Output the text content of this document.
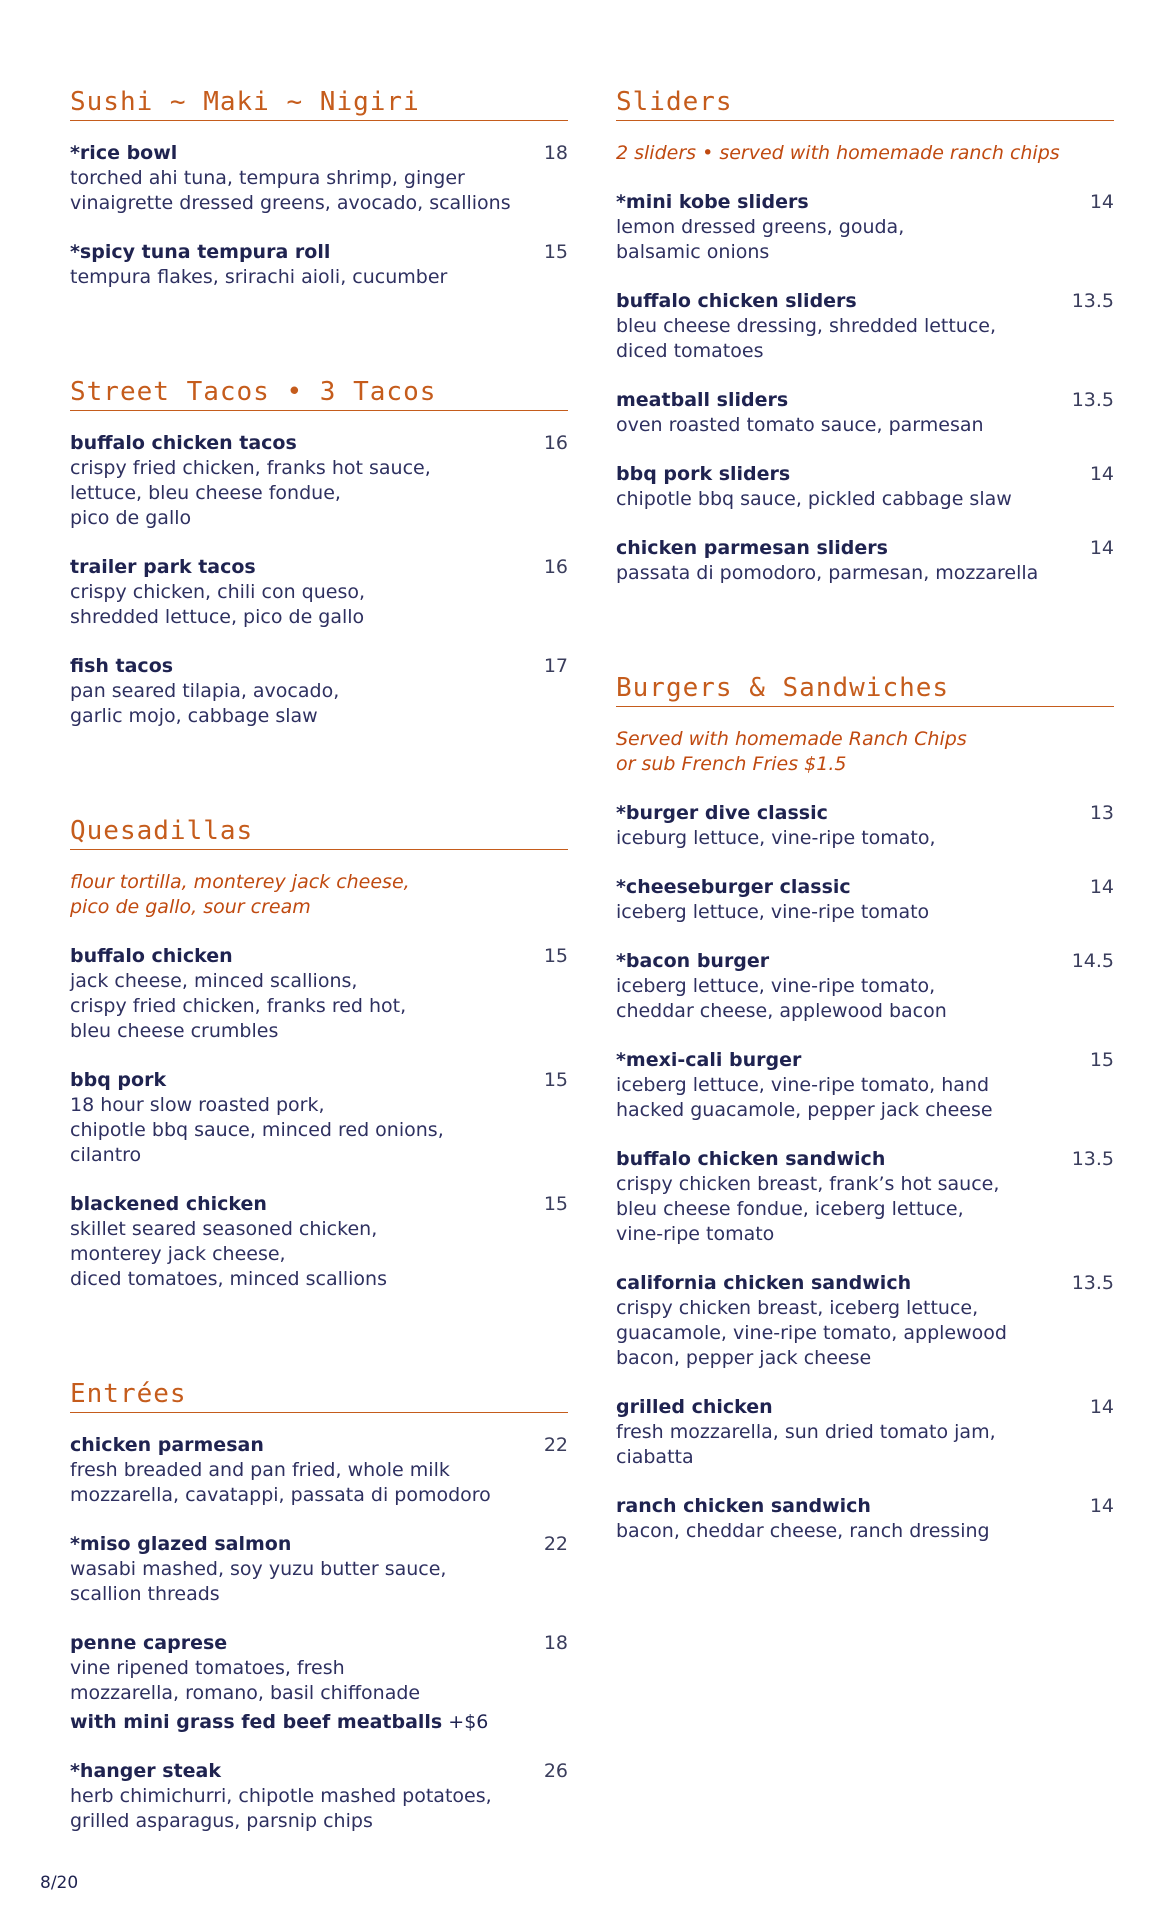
Sushi ~ Maki ~ Nigiri
*rice bowl	18
torched ahi tuna, tempura shrimp, ginger
vinaigrette dressed greens, avocado, scallions
*spicy tuna tempura roll	15
tempura flakes, srirachi aioli, cucumber
Street Tacos • 3 Tacos
buffalo chicken tacos	16
crispy fried chicken, franks hot sauce,
lettuce, bleu cheese fondue,
pico de gallo
trailer park tacos	16
crispy chicken, chili con queso,
shredded lettuce, pico de gallo
fish tacos	17
pan seared tilapia, avocado,
garlic mojo, cabbage slaw
Quesadillas
flour tortilla, monterey jack cheese,
pico de gallo, sour cream
buffalo chicken	15
jack cheese, minced scallions,
crispy fried chicken, franks red hot,
bleu cheese crumbles
bbq pork	15
18 hour slow roasted pork,
chipotle bbq sauce, minced red onions,
cilantro
blackened chicken	15
skillet seared seasoned chicken,
monterey jack cheese,
diced tomatoes, minced scallions
Entrées
chicken parmesan	22
fresh breaded and pan fried, whole milk
mozzarella, cavatappi, passata di pomodoro
*miso glazed salmon	22
wasabi mashed, soy yuzu butter sauce,
scallion threads
penne caprese	18
vine ripened tomatoes, fresh
mozzarella, romano, basil chiffonade
with mini grass fed beef meatballs +$6
*hanger steak	26
herb chimichurri, chipotle mashed potatoes,
grilled asparagus, parsnip chips
Sliders
2 sliders • served with homemade ranch chips
*mini kobe sliders	14
lemon dressed greens, gouda,
balsamic onions
buffalo chicken sliders	13.5
bleu cheese dressing, shredded lettuce,
diced tomatoes
meatball sliders	13.5
oven roasted tomato sauce, parmesan
bbq pork sliders	14
chipotle bbq sauce, pickled cabbage slaw
chicken parmesan sliders	14
passata di pomodoro, parmesan, mozzarella
Burgers & Sandwiches
Served with homemade Ranch Chips
or sub French Fries $1.5
*burger dive classic	13
iceburg lettuce, vine-ripe tomato,
*cheeseburger classic	14
iceberg lettuce, vine-ripe tomato
*bacon burger	14.5
iceberg lettuce, vine-ripe tomato,
cheddar cheese, applewood bacon
*mexi-cali burger	15
iceberg lettuce, vine-ripe tomato, hand
hacked guacamole, pepper jack cheese
buffalo chicken sandwich	13.5
crispy chicken breast, frank’s hot sauce,
bleu cheese fondue, iceberg lettuce,
vine-ripe tomato
california chicken sandwich	13.5
crispy chicken breast, iceberg lettuce,
guacamole, vine-ripe tomato, applewood
bacon, pepper jack cheese
grilled chicken	14
fresh mozzarella, sun dried tomato jam,
ciabatta
ranch chicken sandwich	14
bacon, cheddar cheese, ranch dressing
8/20
